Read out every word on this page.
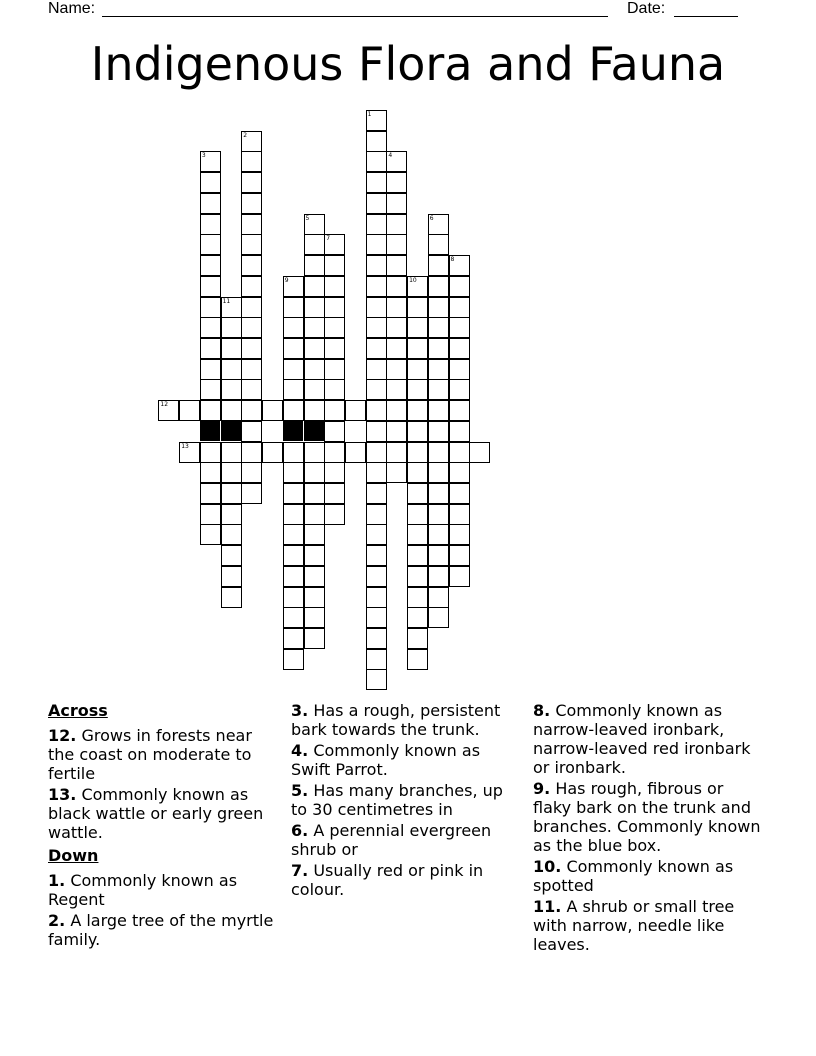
Name:	Date:
Indigenous Flora and Fauna
1
2
3	4
5	6
7
8
9	10
11
12
13
Across
12. Grows in forests near the coast on moderate to fertile
13. Commonly known as black wattle or early green wattle.
Down
1. Commonly known as Regent
2. A large tree of the myrtle family.
3. Has a rough, persistent bark towards the trunk.
4. Commonly known as Swift Parrot.
5. Has many branches, up to 30 centimetres in
6. A perennial evergreen shrub or
7. Usually red or pink in colour.
8. Commonly known as narrow-leaved ironbark, narrow-leaved red ironbark or ironbark.
9. Has rough, fibrous or flaky bark on the trunk and branches. Commonly known as the blue box.
10. Commonly known as spotted
11. A shrub or small tree with narrow, needle like leaves.
